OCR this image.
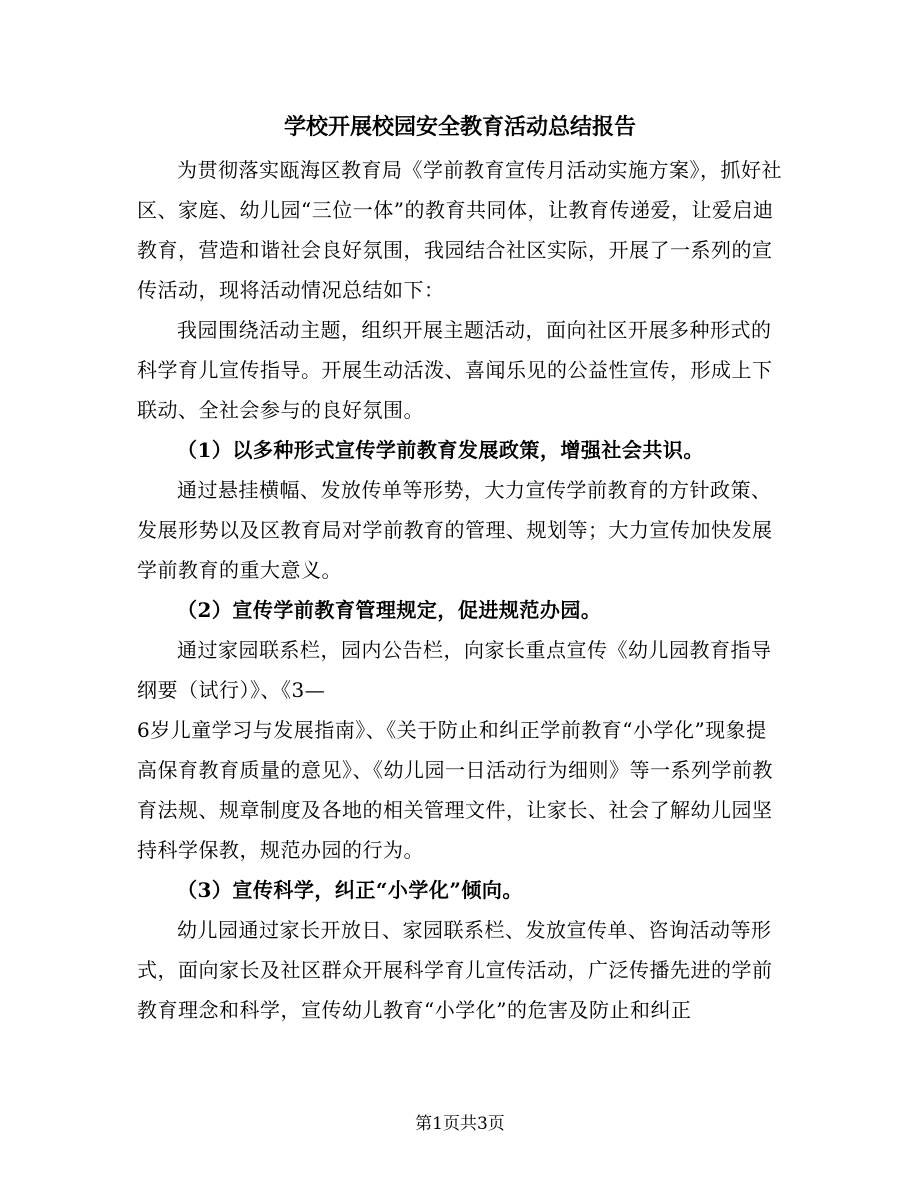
学校开展校园安全教育活动总结报告

为贯彻落实瓯海区教育局《学前教育宣传月活动实施方案》，抓好社区、家庭、幼儿园“三位一体”的教育共同体，让教育传递爱，让爱启迪教育，营造和谐社会良好氛围，我园结合社区实际，开展了一系列的宣传活动，现将活动情况总结如下：

我园围绕活动主题，组织开展主题活动，面向社区开展多种形式的科学育儿宣传指导。开展生动活泼、喜闻乐见的公益性宣传，形成上下联动、全社会参与的良好氛围。

（1）以多种形式宣传学前教育发展政策，增强社会共识。

通过悬挂横幅、发放传单等形势，大力宣传学前教育的方针政策、发展形势以及区教育局对学前教育的管理、规划等；大力宣传加快发展学前教育的重大意义。

（2）宣传学前教育管理规定，促进规范办园。

通过家园联系栏，园内公告栏，向家长重点宣传《幼儿园教育指导纲要（试行）》、《3—

6岁儿童学习与发展指南》、《关于防止和纠正学前教育“小学化”现象提高保育教育质量的意见》、《幼儿园一日活动行为细则》等一系列学前教育法规、规章制度及各地的相关管理文件，让家长、社会了解幼儿园坚持科学保教，规范办园的行为。

（3）宣传科学，纠正“小学化”倾向。

幼儿园通过家长开放日、家园联系栏、发放宣传单、咨询活动等形式，面向家长及社区群众开展科学育儿宣传活动，广泛传播先进的学前教育理念和科学，宣传幼儿教育“小学化”的危害及防止和纠正

第1页共3页
